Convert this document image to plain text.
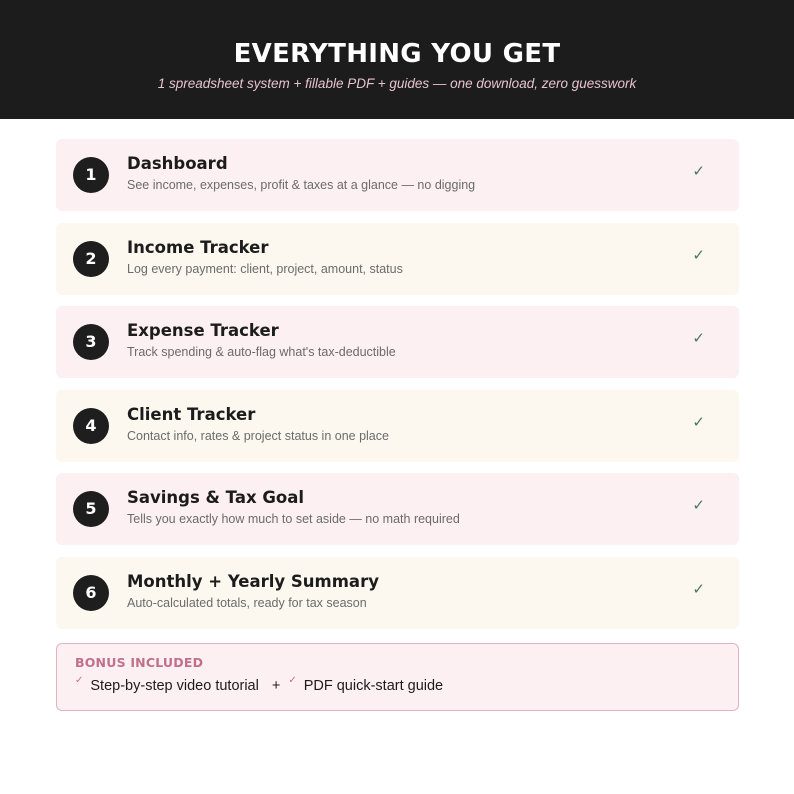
EVERYTHING YOU GET
1 spreadsheet system + fillable PDF + guides — one download, zero guesswork
1
Dashboard
See income, expenses, profit & taxes at a glance — no digging
✓
2
Income Tracker
Log every payment: client, project, amount, status
✓
3
Expense Tracker
Track spending & auto-flag what's tax-deductible
✓
4
Client Tracker
Contact info, rates & project status in one place
✓
5
Savings & Tax Goal
Tells you exactly how much to set aside — no math required
✓
6
Monthly + Yearly Summary
Auto-calculated totals, ready for tax season
✓
BONUS INCLUDED
✓ Step-by-step video tutorial + ✓ PDF quick-start guide
